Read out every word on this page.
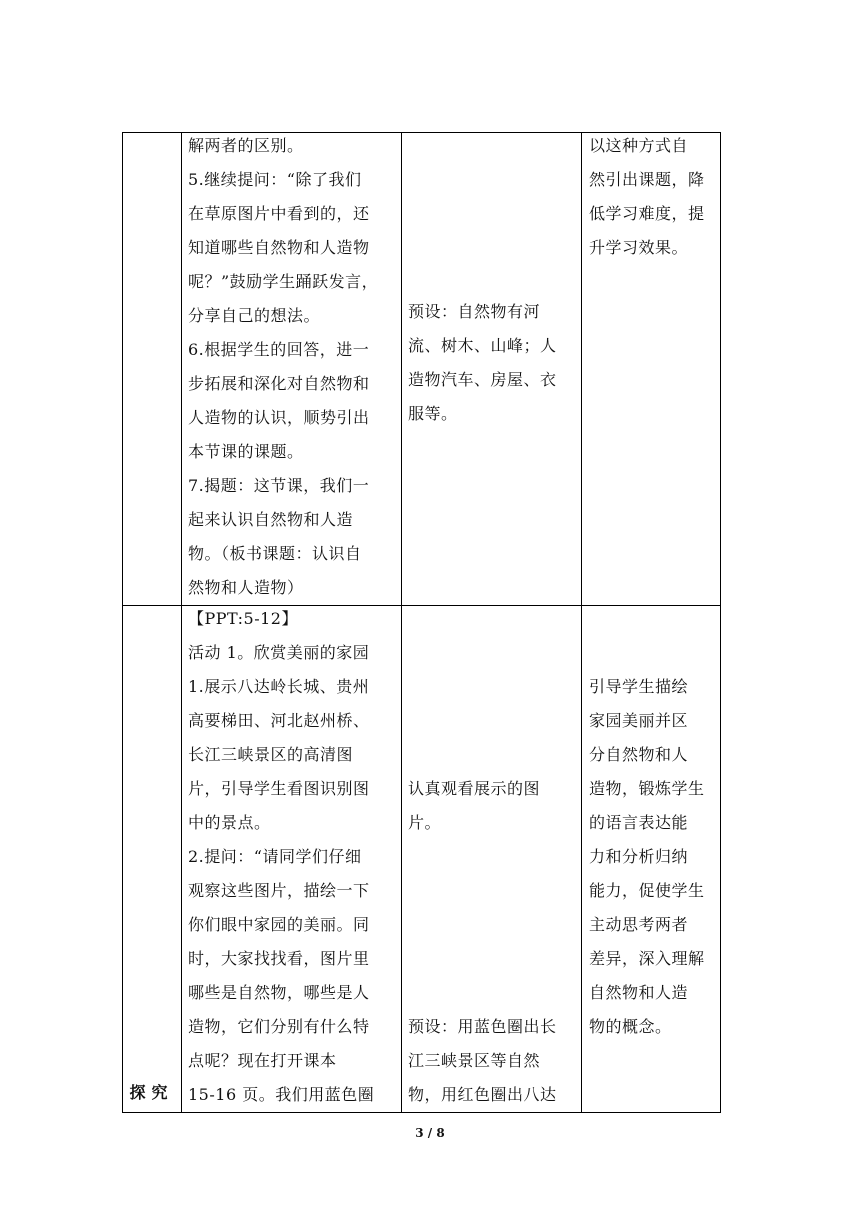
解两者的区别。
5.继续提问：“除了我们
在草原图片中看到的，还
知道哪些自然物和人造物
呢？”鼓励学生踊跃发言，
分享自己的想法。
6.根据学生的回答，进一
步拓展和深化对自然物和
人造物的认识，顺势引出
本节课的课题。
7.揭题：这节课，我们一
起来认识自然物和人造
物。（板书课题：认识自
然物和人造物）
预设：自然物有河
流、树木、山峰；人
造物汽车、房屋、衣
服等。
以这种方式自
然引出课题，降
低学习难度，提
升学习效果。
探究
【PPT:5-12】
活动 1。欣赏美丽的家园
1.展示八达岭长城、贵州
高要梯田、河北赵州桥、
长江三峡景区的高清图
片，引导学生看图识别图
中的景点。
2.提问：“请同学们仔细
观察这些图片，描绘一下
你们眼中家园的美丽。同
时，大家找找看，图片里
哪些是自然物，哪些是人
造物，它们分别有什么特
点呢？现在打开课本
15-16 页。我们用蓝色圈
认真观看展示的图
片。
预设：用蓝色圈出长
江三峡景区等自然
物，用红色圈出八达
引导学生描绘
家园美丽并区
分自然物和人
造物，锻炼学生
的语言表达能
力和分析归纳
能力，促使学生
主动思考两者
差异，深入理解
自然物和人造
物的概念。
3 / 8
